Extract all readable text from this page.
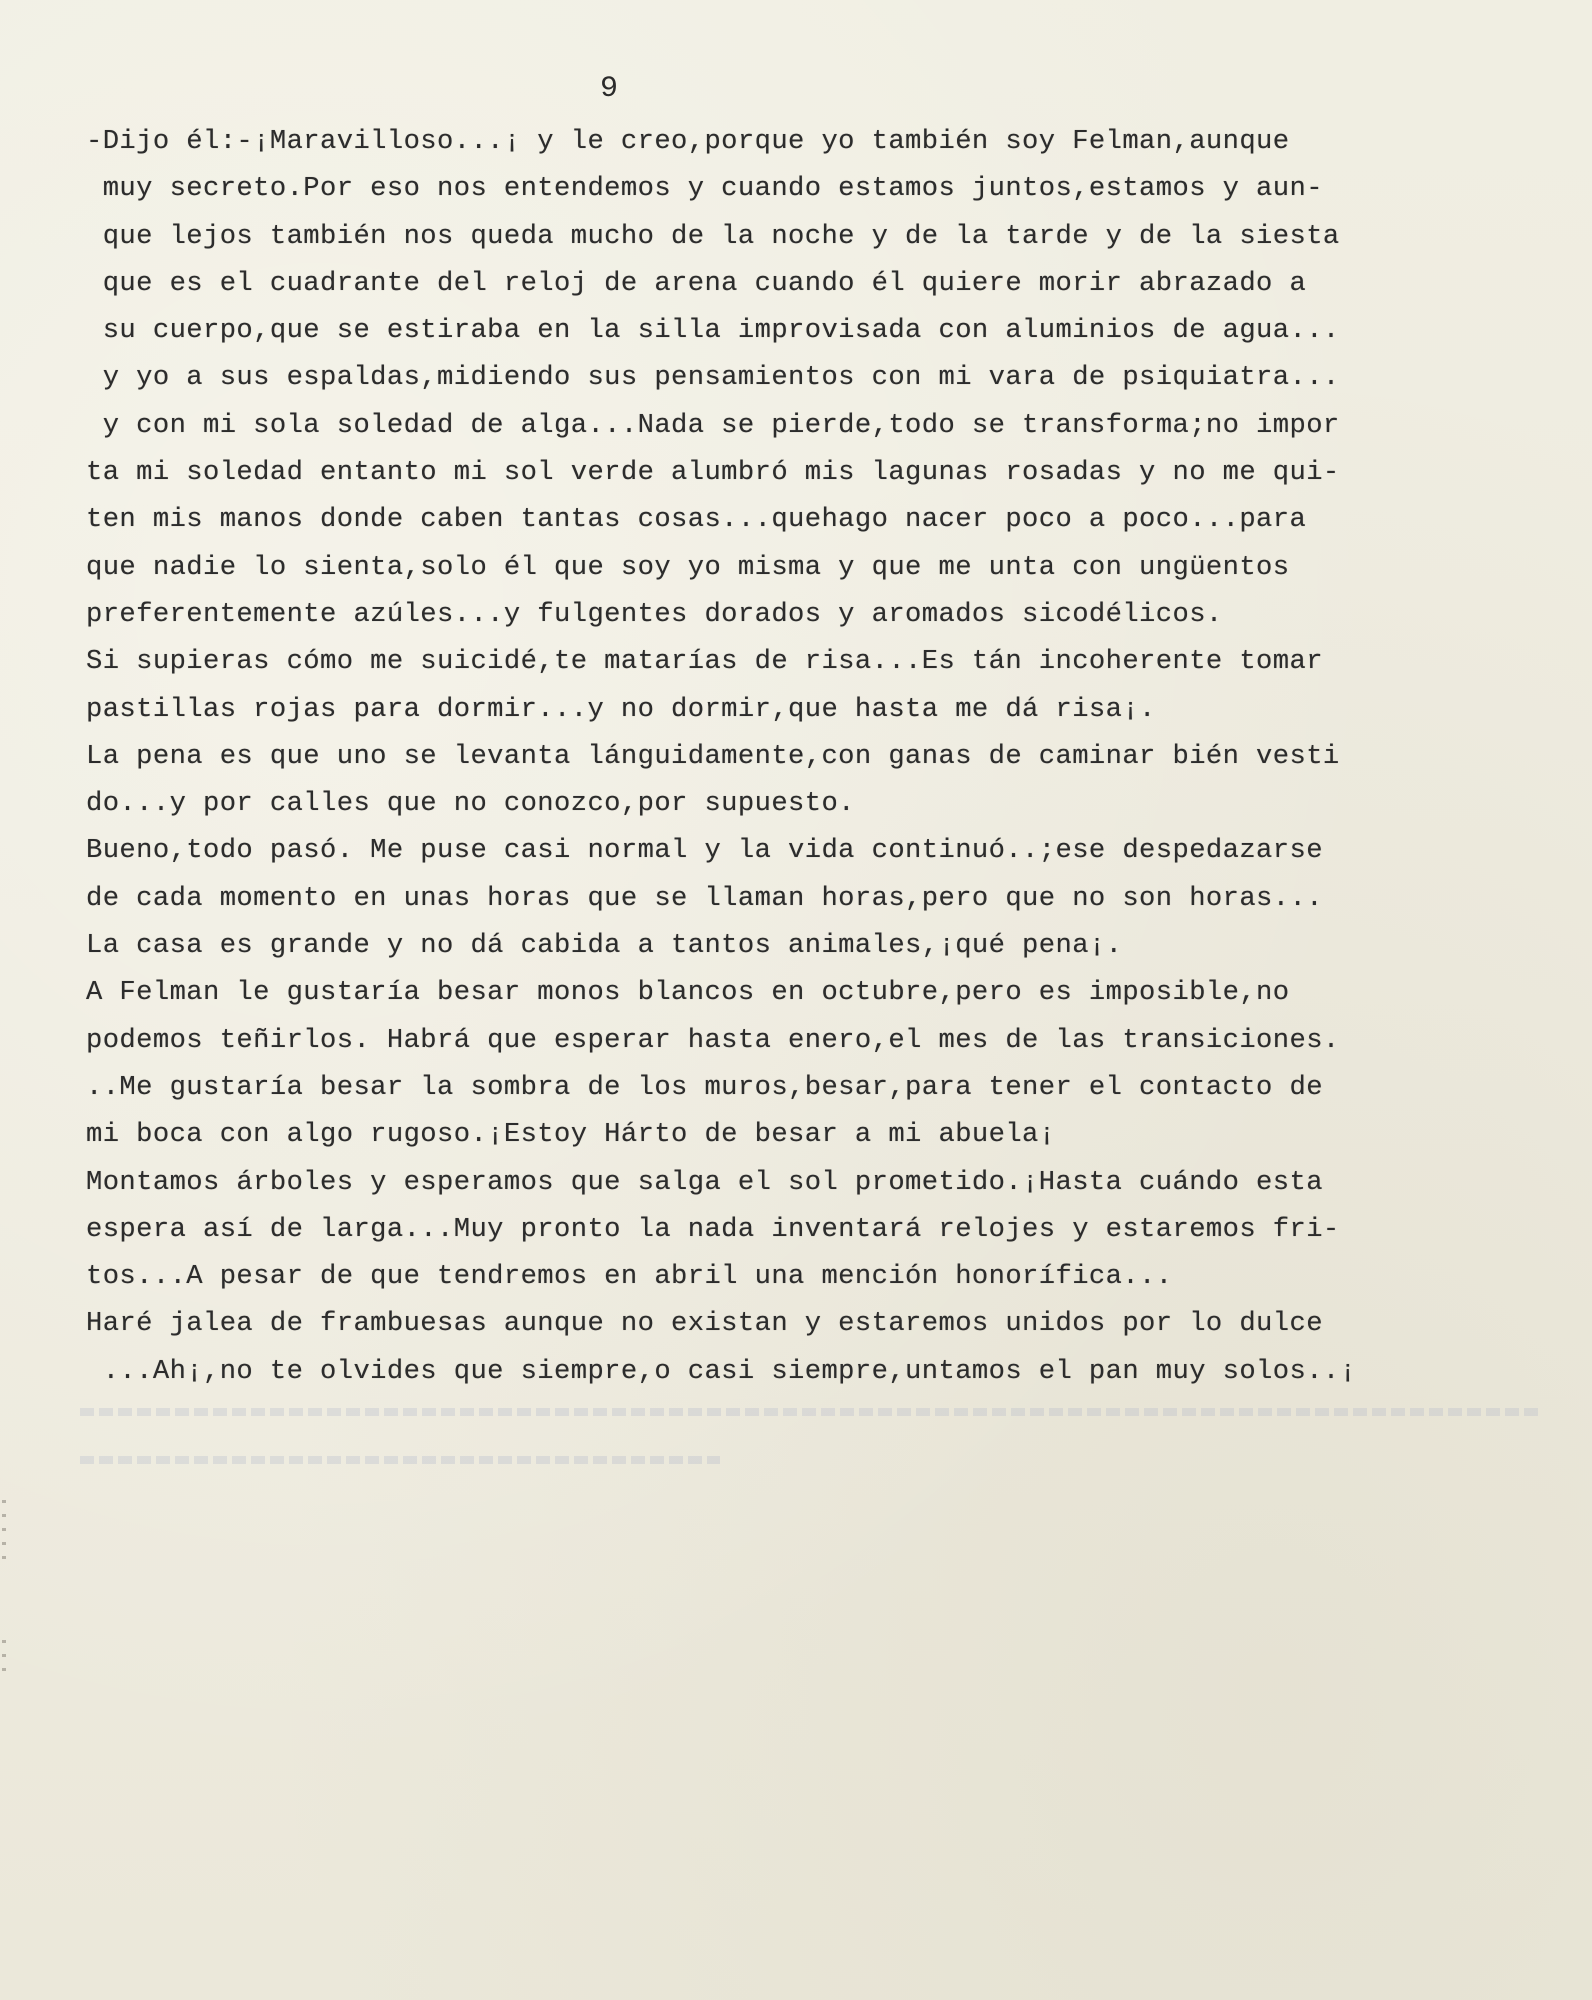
9
-Dijo él:-¡Maravilloso...¡ y le creo,porque yo también soy Felman,aunque
muy secreto.Por eso nos entendemos y cuando estamos juntos,estamos y aun-
que lejos también nos queda mucho de la noche y de la tarde y de la siesta
que es el cuadrante del reloj de arena cuando él quiere morir abrazado a
su cuerpo,que se estiraba en la silla improvisada con aluminios de agua...
y yo a sus espaldas,midiendo sus pensamientos con mi vara de psiquiatra...
y con mi sola soledad de alga...Nada se pierde,todo se transforma;no impor
ta mi soledad entanto mi sol verde alumbró mis lagunas rosadas y no me qui-
ten mis manos donde caben tantas cosas...quehago nacer poco a poco...para
que nadie lo sienta,solo él que soy yo misma y que me unta con ungüentos
preferentemente azúles...y fulgentes dorados y aromados sicodélicos.
Si supieras cómo me suicidé,te matarías de risa...Es tán incoherente tomar
pastillas rojas para dormir...y no dormir,que hasta me dá risa¡.
La pena es que uno se levanta lánguidamente,con ganas de caminar bién vesti
do...y por calles que no conozco,por supuesto.
Bueno,todo pasó. Me puse casi normal y la vida continuó..;ese despedazarse
de cada momento en unas horas que se llaman horas,pero que no son horas...
La casa es grande y no dá cabida a tantos animales,¡qué pena¡.
A Felman le gustaría besar monos blancos en octubre,pero es imposible,no
podemos teñirlos. Habrá que esperar hasta enero,el mes de las transiciones.
..Me gustaría besar la sombra de los muros,besar,para tener el contacto de
mi boca con algo rugoso.¡Estoy Hárto de besar a mi abuela¡
Montamos árboles y esperamos que salga el sol prometido.¡Hasta cuándo esta
espera así de larga...Muy pronto la nada inventará relojes y estaremos fri-
tos...A pesar de que tendremos en abril una mención honorífica...
Haré jalea de frambuesas aunque no existan y estaremos unidos por lo dulce
...Ah¡,no te olvides que siempre,o casi siempre,untamos el pan muy solos..¡
